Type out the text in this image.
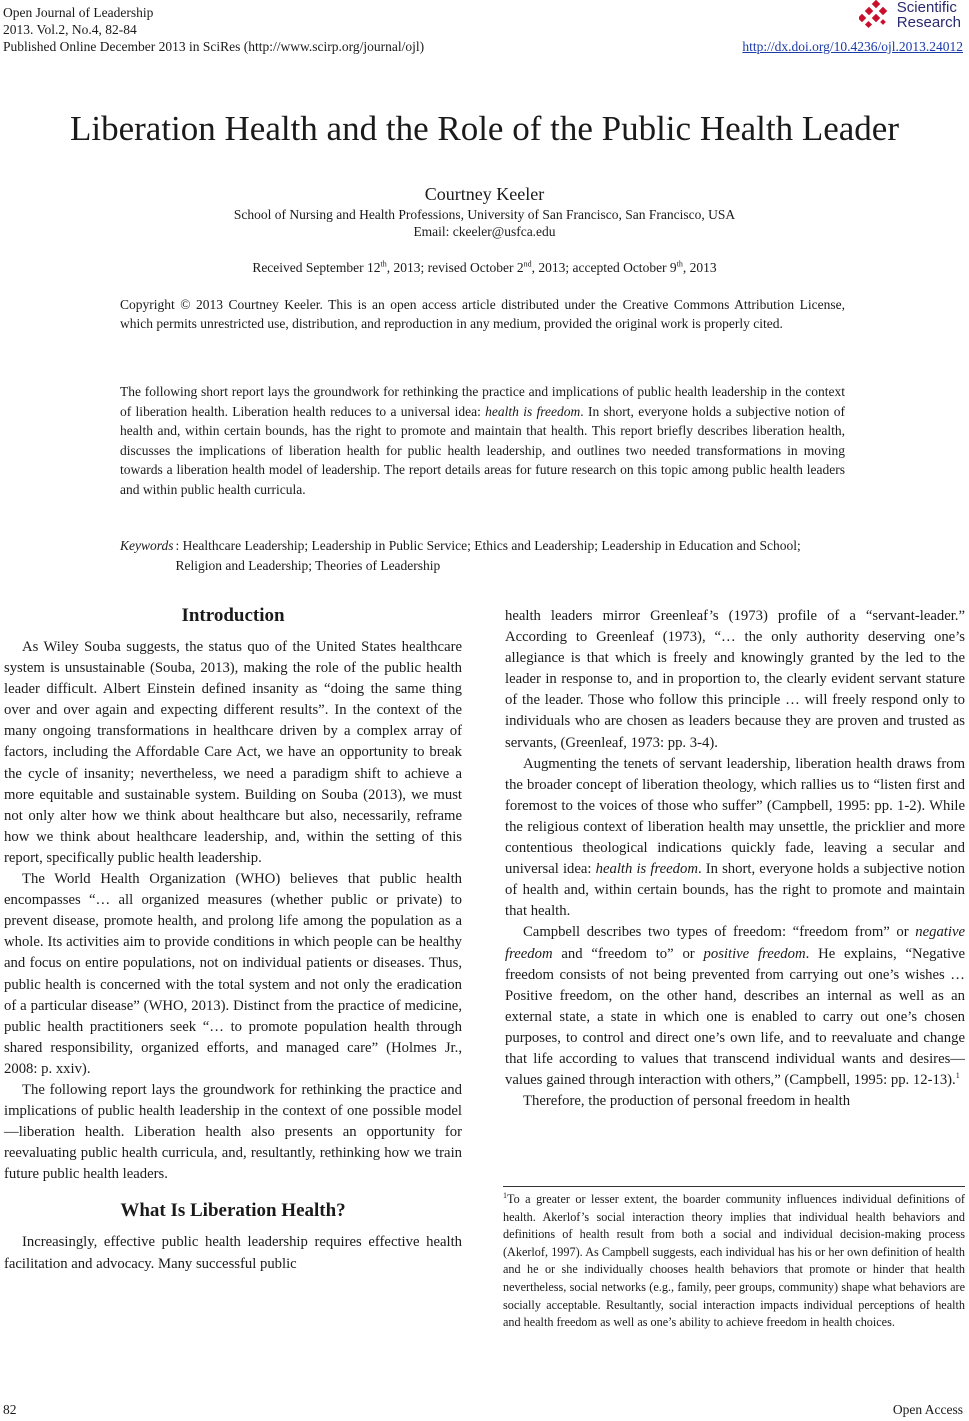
Open Journal of Leadership
2013. Vol.2, No.4, 82-84
Published Online December 2013 in SciRes (http://www.scirp.org/journal/ojl)	http://dx.doi.org/10.4236/ojl.2013.24012
Scientific
Research
Liberation Health and the Role of the Public Health Leader
Courtney Keeler
School of Nursing and Health Professions, University of San Francisco, San Francisco, USA
Email: ckeeler@usfca.edu
Received September 12th, 2013; revised October 2nd, 2013; accepted October 9th, 2013
Copyright © 2013 Courtney Keeler. This is an open access article distributed under the Creative Commons Attribution License, which permits unrestricted use, distribution, and reproduction in any medium, provided the original work is properly cited.
The following short report lays the groundwork for rethinking the practice and implications of public health leadership in the context of liberation health. Liberation health reduces to a universal idea: health is freedom. In short, everyone holds a subjective notion of health and, within certain bounds, has the right to promote and maintain that health. This report briefly describes liberation health, discusses the implications of liberation health for public health leadership, and outlines two needed transformations in moving towards a liberation health model of leadership. The report details areas for future research on this topic among public health leaders and within public health curricula.
Keywords : Healthcare Leadership; Leadership in Public Service; Ethics and Leadership; Leadership in Education and School; Religion and Leadership; Theories of Leadership
Introduction

As Wiley Souba suggests, the status quo of the United States healthcare system is unsustainable (Souba, 2013), making the role of the public health leader difficult. Albert Einstein defined insanity as “doing the same thing over and over again and expecting different results”. In the context of the many ongoing transformations in healthcare driven by a complex array of factors, including the Affordable Care Act, we have an opportunity to break the cycle of insanity; nevertheless, we need a paradigm shift to achieve a more equitable and sustainable system. Building on Souba (2013), we must not only alter how we think about healthcare but also, necessarily, reframe how we think about healthcare leadership, and, within the setting of this report, specifically public health leadership.

The World Health Organization (WHO) believes that public health encompasses “… all organized measures (whether public or private) to prevent disease, promote health, and prolong life among the population as a whole. Its activities aim to provide conditions in which people can be healthy and focus on entire populations, not on individual patients or diseases. Thus, public health is concerned with the total system and not only the eradication of a particular disease” (WHO, 2013). Distinct from the practice of medicine, public health practitioners seek “… to promote population health through shared responsibility, organized efforts, and managed care” (Holmes Jr., 2008: p. xxiv).

The following report lays the groundwork for rethinking the practice and implications of public health leadership in the context of one possible model—liberation health. Liberation health also presents an opportunity for reevaluating public health curricula, and, resultantly, rethinking how we train future public health leaders.

What Is Liberation Health?

Increasingly, effective public health leadership requires effective health facilitation and advocacy. Many successful public

health leaders mirror Greenleaf’s (1973) profile of a “servant-leader.” According to Greenleaf (1973), “… the only authority deserving one’s allegiance is that which is freely and knowingly granted by the led to the leader in response to, and in proportion to, the clearly evident servant stature of the leader. Those who follow this principle … will freely respond only to individuals who are chosen as leaders because they are proven and trusted as servants, (Greenleaf, 1973: pp. 3-4).

Augmenting the tenets of servant leadership, liberation health draws from the broader concept of liberation theology, which rallies us to “listen first and foremost to the voices of those who suffer” (Campbell, 1995: pp. 1-2). While the religious context of liberation health may unsettle, the pricklier and more contentious theological indications quickly fade, leaving a secular and universal idea: health is freedom. In short, everyone holds a subjective notion of health and, within certain bounds, has the right to promote and maintain that health.

Campbell describes two types of freedom: “freedom from” or negative freedom and “freedom to” or positive freedom. He explains, “Negative freedom consists of not being prevented from carrying out one’s wishes … Positive freedom, on the other hand, describes an internal as well as an external state, a state in which one is enabled to carry out one’s chosen purposes, to control and direct one’s own life, and to reevaluate and change that life according to values that transcend individual wants and desires—values gained through interaction with others,” (Campbell, 1995: pp. 12-13).$^1$

Therefore, the production of personal freedom in health

$^1$To a greater or lesser extent, the boarder community influences individual definitions of health. Akerlof’s social interaction theory implies that individual health behaviors and definitions of health result from both a social and individual decision-making process (Akerlof, 1997). As Campbell suggests, each individual has his or her own definition of health and he or she individually chooses health behaviors that promote or hinder that health nevertheless, social networks (e.g., family, peer groups, community) shape what behaviors are socially acceptable. Resultantly, social interaction impacts individual perceptions of health and health freedom as well as one’s ability to achieve freedom in health choices.

82	Open Access
